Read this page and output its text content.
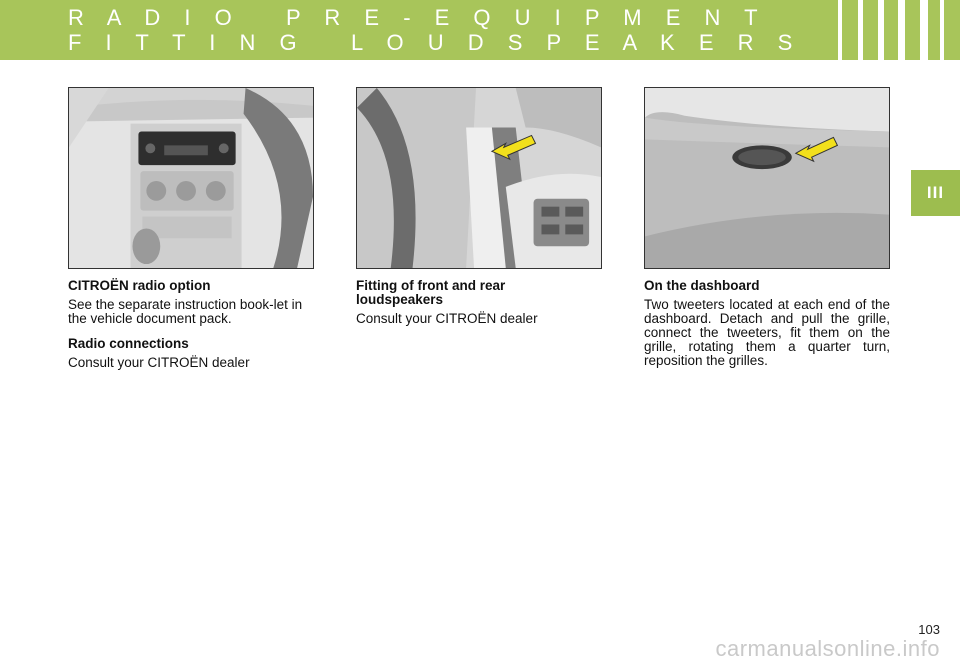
R A D I O   P R E - E Q U I P M E N T
F I T T I N G   L O U D S P E A K E R S
III
CITROËN radio option

See the separate instruction book-let in the vehicle document pack.

Radio connections

Consult your CITROËN dealer

Fitting of front and rear loudspeakers

Consult your CITROËN dealer

On the dashboard

Two tweeters located at each end of the dashboard. Detach and pull the grille, connect the tweeters, fit them on the grille, rotating them a quarter turn, reposition the grilles.

103
carmanualsonline.info
